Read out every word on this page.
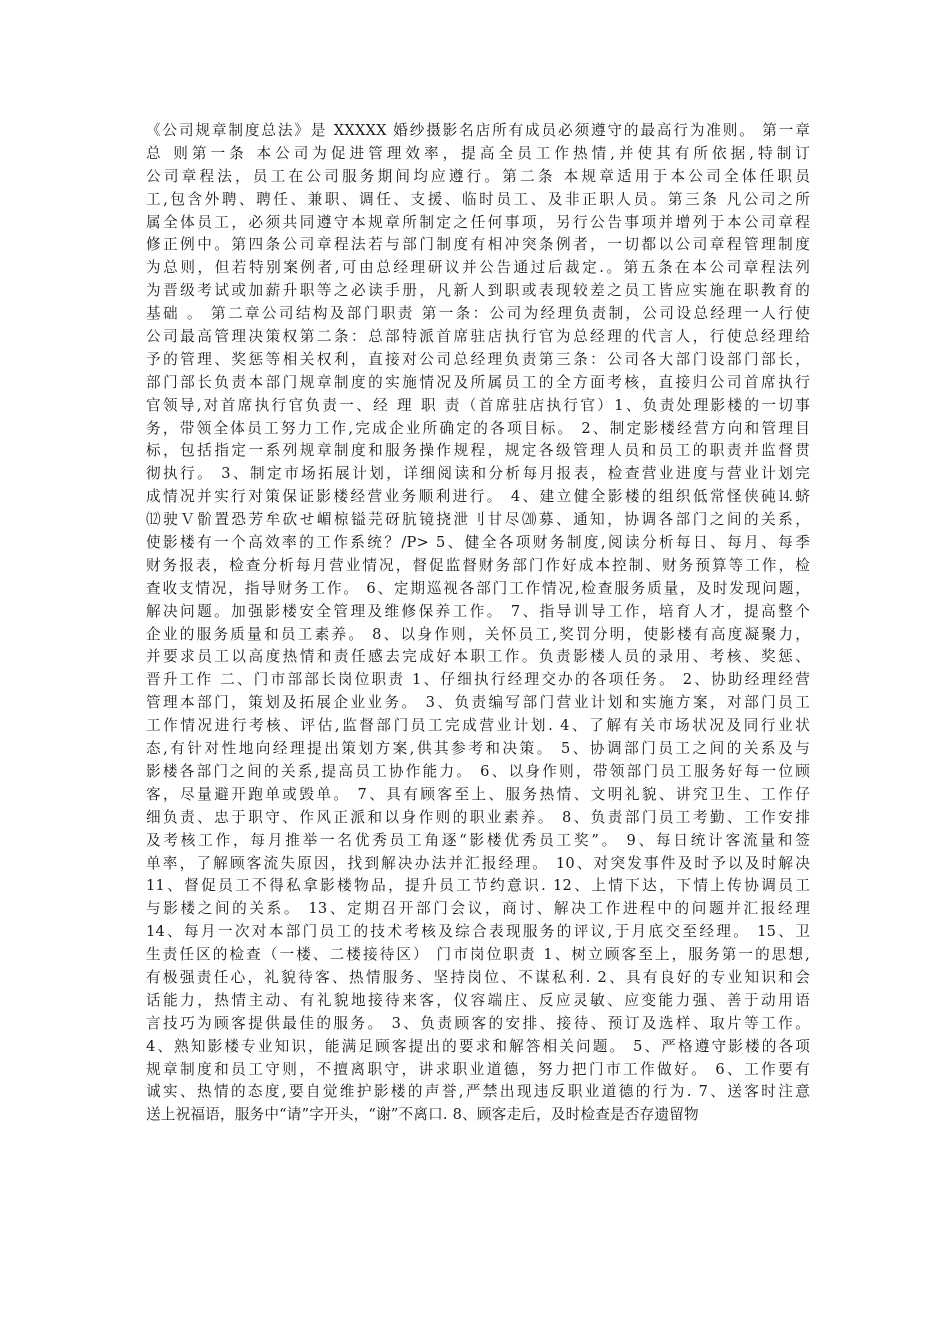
《公司规章制度总法》是 XXXXX 婚纱摄影名店所有成员必须遵守的最高行为准则。 第一章
总 则第一条 本公司为促进管理效率，提高全员工作热情,并使其有所依据,特制订
公司章程法，员工在公司服务期间均应遵行。第二条 本规章适用于本公司全体任职员
工,包含外聘、聘任、兼职、调任、支援、临时员工、及非正职人员。第三条 凡公司之所
属全体员工，必须共同遵守本规章所制定之任何事项，另行公告事项并增列于本公司章程
修正例中。第四条公司章程法若与部门制度有相冲突条例者，一切都以公司章程管理制度
为总则，但若特别案例者,可由总经理研议并公告通过后裁定.。第五条在本公司章程法列
为晋级考试或加薪升职等之必读手册，凡新人到职或表现较差之员工皆应实施在职教育的
基础 。 第二章公司结构及部门职责 第一条：公司为经理负责制，公司设总经理一人行使
公司最高管理决策权第二条：总部特派首席驻店执行官为总经理的代言人，行使总经理给
予的管理、奖惩等相关权利，直接对公司总经理负责第三条：公司各大部门设部门部长，
部门部长负责本部门规章制度的实施情况及所属员工的全方面考核，直接归公司首席执行
官领导,对首席执行官负责一、经 理 职 责（首席驻店执行官）1、负责处理影楼的一切事
务，带领全体员工努力工作,完成企业所确定的各项目标。 2、制定影楼经营方向和管理目
标，包括指定一系列规章制度和服务操作规程，规定各级管理人员和员工的职责并监督贯
彻执行。 3、制定市场拓展计划，详细阅读和分析每月报表，检查营业进度与营业计划完
成情况并实行对策保证影楼经营业务顺利进行。 4、建立健全影楼的组织低常怪侠砘⒕蛴
⑿驶Ｖ骱置恐芳牟砍せ嵋椋镒芫砑肮镜挠泄刂甘尽⒇募、通知，协调各部门之间的关系，
使影楼有一个高效率的工作系统？/P> 5、健全各项财务制度,阅读分析每日、每月、每季
财务报表，检查分析每月营业情况，督促监督财务部门作好成本控制、财务预算等工作，检
查收支情况，指导财务工作。 6、定期巡视各部门工作情况,检查服务质量，及时发现问题，
解决问题。加强影楼安全管理及维修保养工作。 7、指导训导工作，培育人才，提高整个
企业的服务质量和员工素养。 8、以身作则，关怀员工,奖罚分明，使影楼有高度凝聚力，
并要求员工以高度热情和责任感去完成好本职工作。负责影楼人员的录用、考核、奖惩、
晋升工作 二、门市部部长岗位职责 1、仔细执行经理交办的各项任务。 2、协助经理经营
管理本部门，策划及拓展企业业务。 3、负责编写部门营业计划和实施方案，对部门员工
工作情况进行考核、评估,监督部门员工完成营业计划. 4、了解有关市场状况及同行业状
态,有针对性地向经理提出策划方案,供其参考和决策。 5、协调部门员工之间的关系及与
影楼各部门之间的关系,提高员工协作能力。 6、以身作则，带领部门员工服务好每一位顾
客，尽量避开跑单或毁单。 7、具有顾客至上、服务热情、文明礼貌、讲究卫生、工作仔
细负责、忠于职守、作风正派和以身作则的职业素养。 8、负责部门员工考勤、工作安排
及考核工作，每月推举一名优秀员工角逐“影楼优秀员工奖”。 9、每日统计客流量和签
单率，了解顾客流失原因，找到解决办法并汇报经理。 10、对突发事件及时予以及时解决
11、督促员工不得私拿影楼物品，提升员工节约意识. 12、上情下达，下情上传协调员工
与影楼之间的关系。 13、定期召开部门会议，商讨、解决工作进程中的问题并汇报经理
14、每月一次对本部门员工的技术考核及综合表现服务的评议,于月底交至经理。 15、卫
生责任区的检查（一楼、二楼接待区） 门市岗位职责 1、树立顾客至上，服务第一的思想,
有极强责任心，礼貌待客、热情服务、坚持岗位、不谋私利. 2、具有良好的专业知识和会
话能力，热情主动、有礼貌地接待来客，仪容端庄、反应灵敏、应变能力强、善于动用语
言技巧为顾客提供最佳的服务。 3、负责顾客的安排、接待、预订及选样、取片等工作。
4、熟知影楼专业知识，能满足顾客提出的要求和解答相关问题。 5、严格遵守影楼的各项
规章制度和员工守则，不擅离职守，讲求职业道德，努力把门市工作做好。 6、工作要有
诚实、热情的态度,要自觉维护影楼的声誉,严禁出现违反职业道德的行为. 7、送客时注意
送上祝福语，服务中“请”字开头，“谢”不离口. 8、顾客走后，及时检查是否存遗留物
